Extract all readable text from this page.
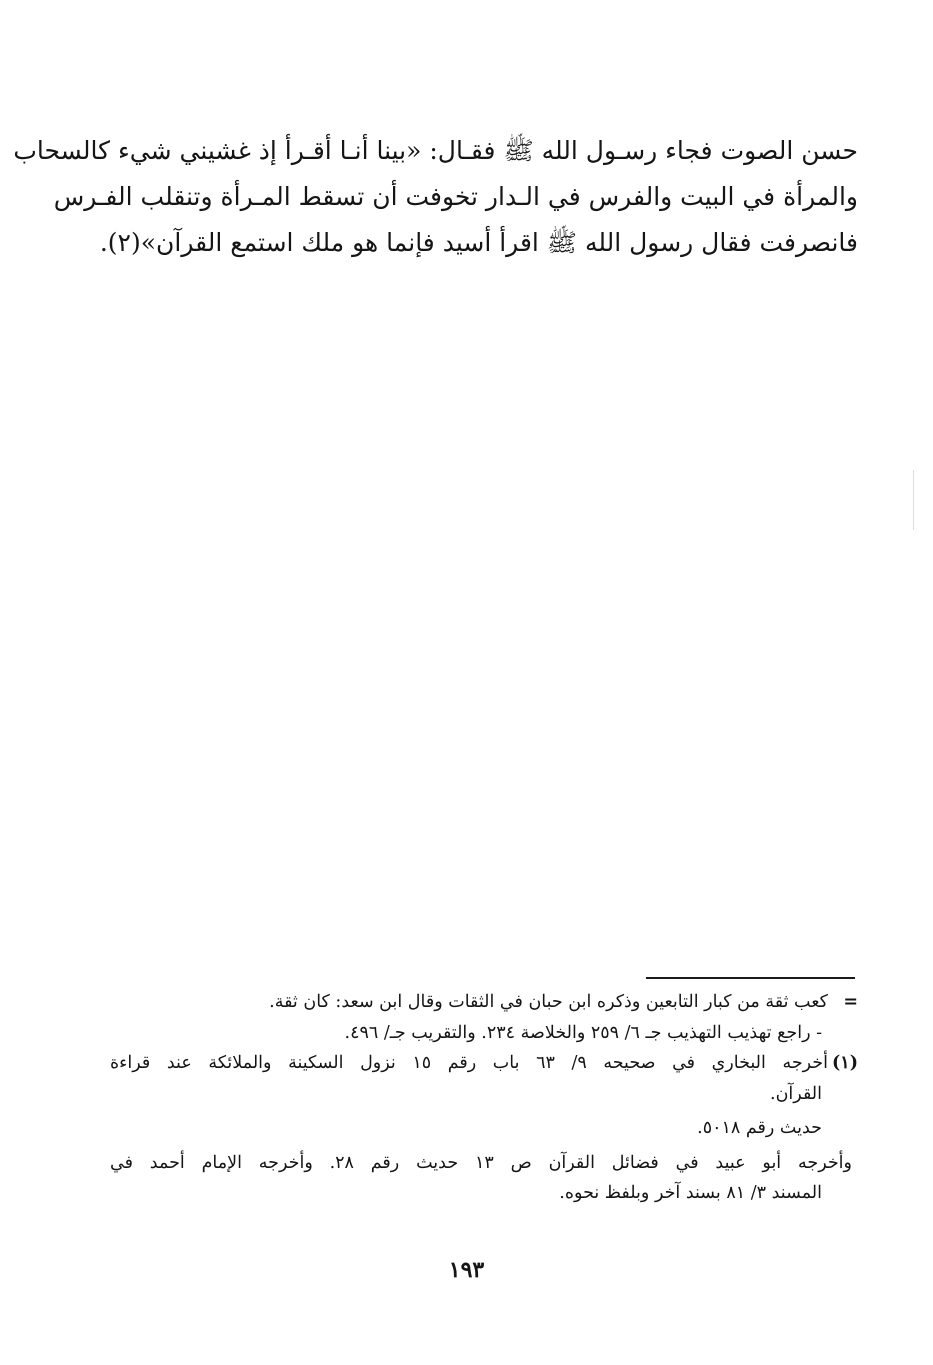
حسن الصوت فجاء رسـول الله ﷺ فقـال: «بينا أنـا أقـرأ إذ غشيني شيء كالسحاب
والمرأة في البيت والفرس في الـدار تخوفت أن تسقط المـرأة وتنقلب الفـرس
فانصرفت فقال رسول الله ﷺ اقرأ أسيد فإنما هو ملك استمع القرآن»(٢).
=كعب ثقة من كبار التابعين وذكره ابن حبان في الثقات وقال ابن سعد: كان ثقة.
- راجع تهذيب التهذيب جـ ٦/ ٢٥٩ والخلاصة ٢٣٤. والتقريب جـ/ ٤٩٦.
(١)أخرجه البخاري في صحيحه ٩/ ٦٣ باب رقم ١٥ نزول السكينة والملائكة عند قراءة
القرآن.
حديث رقم ٥٠١٨.
وأخرجه أبو عبيد في فضائل القرآن ص ١٣ حديث رقم ٢٨. وأخرجه الإمام أحمد في
المسند ٣/ ٨١ بسند آخر وبلفظ نحوه.
١٩٣
